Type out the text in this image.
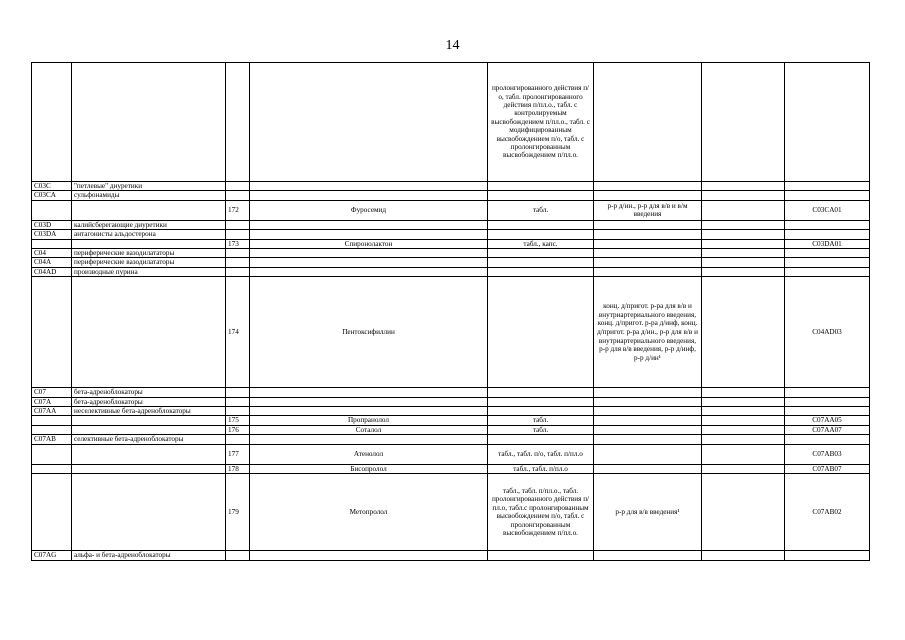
14
				пролонгированного действия п/о, табл. пролонгированного действия п/пл.о., табл. с контролируемым высвобождением п/пл.о., табл. с модифицированным высвобождением п/о, табл. с пролонгированным высвобождением п/пл.о.			
C03C	"петлевые" диуретики						
C03CA	сульфонамиды						
		172	Фуросемид	табл.	р-р д/ин., р-р для в/в и в/м введения		C03CA01
C03D	калийсберегающие диуретики						
C03DA	антагонисты альдостерона						
		173	Спиронолактон	табл., капс.			C03DA01
C04	периферические вазодилататоры						
C04A	периферические вазодилататоры						
C04AD	производные пурина						
		174	Пентоксифиллин		конц. д/пригот. р-ра для в/в и внутриартериального введения, конц. д/пригот. р-ра д/инф, конц. д/пригот. р-ра д/ин., р-р для в/в и внутриартериального введения, р-р для в/в введения, р-р д/инф, р-р д/ин¹		C04AD03
C07	бета-адреноблокаторы						
C07A	бета-адреноблокаторы						
C07AA	неселективные бета-адреноблокаторы						
		175	Пропранолол	табл.			C07AA05
		176	Соталол	табл.			C07AA07
C07AB	селективные бета-адреноблокаторы						
		177	Атенолол	табл., табл. п/о, табл. п/пл.о			C07AB03
		178	Бисопролол	табл., табл. п/пл.о			C07AB07
		179	Метопролол	табл., табл. п/пл.о., табл. пролонгированного действия п/пл.о, табл.с пролонгированным высвобождением п/о, табл. с пролонгированным высвобождением п/пл.о.	р-р для в/в введения¹		C07AB02
C07AG	альфа- и бета-адреноблокаторы						
